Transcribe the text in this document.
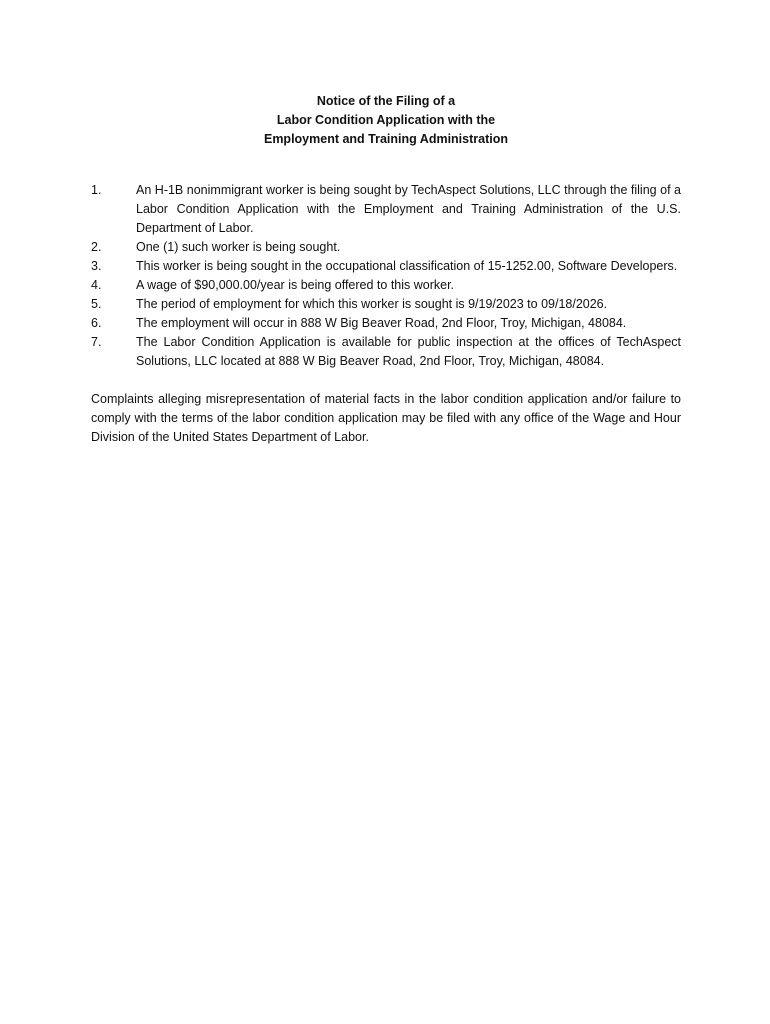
Notice of the Filing of a
Labor Condition Application with the
Employment and Training Administration
1.	An H-1B nonimmigrant worker is being sought by TechAspect Solutions, LLC through the filing of a Labor Condition Application with the Employment and Training Administration of the U.S. Department of Labor.
2.	One (1) such worker is being sought.
3.	This worker is being sought in the occupational classification of 15-1252.00, Software Developers.
4.	A wage of $90,000.00/year is being offered to this worker.
5.	The period of employment for which this worker is sought is 9/19/2023 to 09/18/2026.
6.	The employment will occur in 888 W Big Beaver Road, 2nd Floor, Troy, Michigan, 48084.
7.	The Labor Condition Application is available for public inspection at the offices of TechAspect Solutions, LLC located at 888 W Big Beaver Road, 2nd Floor, Troy, Michigan, 48084.

Complaints alleging misrepresentation of material facts in the labor condition application and/or failure to comply with the terms of the labor condition application may be filed with any office of the Wage and Hour Division of the United States Department of Labor.
